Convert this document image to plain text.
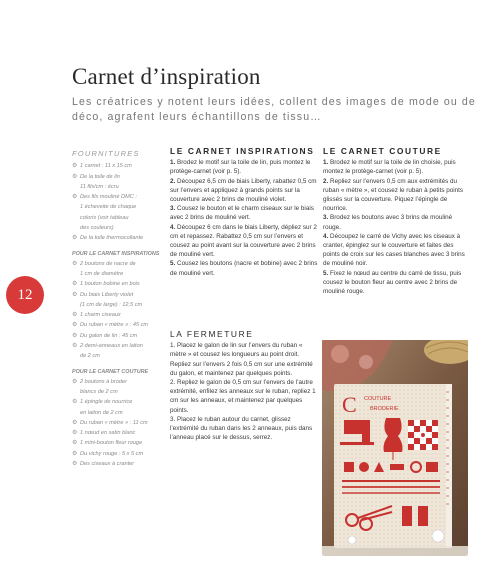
Carnet d’inspiration
Les créatrices y notent leurs idées, collent des images de mode ou de déco, agrafent leurs échantillons de tissu…
12
FOURNITURES
⚙ 1 carnet : 11 x 15 cm
⚙ De la toile de lin
11 fils/cm : écru
⚙ Des fils mouliné DMC :
1 écheveite de chaque
coloris (voir tableau
des couleurs)
⚙ De la toile thermocollante
POUR LE CARNET INSPIRATIONS
⚙ 2 boutons de nacre de
1 cm de diamètre
⚙ 1 bouton bobine en bois
⚙ Du biais Liberty violet
(1 cm de large) : 12,5 cm
⚙ 1 charm ciseaux
⚙ Du ruban « mètre » : 45 cm
⚙ Du galon de lin : 45 cm
⚙ 2 demi-anneaux en laiton
de 2 cm
POUR LE CARNET COUTURE
⚙ 2 boutons à broder
blancs de 2 cm
⚙ 1 épingle de nourrice
en laiton de 2 cm
⚙ Du ruban « mètre » : 11 cm
⚙ 1 nœud en satin blanc
⚙ 1 mini-bouton fleur rouge
⚙ Du vichy rouge : 5 x 5 cm
⚙ Des ciseaux à cranter
LE CARNET INSPIRATIONS
1. Brodez le motif sur la toile de lin, puis montez le protège-carnet (voir p. 5).
2. Découpez 6,5 cm de biais Liberty, rabattez 0,5 cm sur l’envers et appliquez à grands points sur la couverture avec 2 brins de mouliné violet.
3. Cousez le bouton et le charm ciseaux sur le biais avec 2 brins de mouliné vert.
4. Découpez 6 cm dans le biais Liberty, dépliez sur 2 cm et repassez. Rabattez 0,5 cm sur l’envers et cousez au point avant sur la couverture avec 2 brins de mouliné vert.
5. Cousez les boutons (nacre et bobine) avec 2 brins de mouliné vert.
LA FERMETURE
1. Placez le galon de lin sur l’envers du ruban « mètre » et cousez les longueurs au point droit. Repliez sur l’envers 2 fois 0,5 cm sur une extrémité du galon, et maintenez par quelques points.
2. Repliez le galon de 0,5 cm sur l’envers de l’autre extrémité, enfilez les anneaux sur le ruban, repliez 1 cm sur les anneaux, et maintenez par quelques points.
3. Placez le ruban autour du carnet, glissez l’extrémité du ruban dans les 2 anneaux, puis dans l’anneau placé sur le dessus, serrez.
LE CARNET COUTURE
1. Brodez le motif sur la toile de lin choisie, puis montez le protège-carnet (voir p. 5).
2. Repliez sur l’envers 0,5 cm aux extrémités du ruban « mètre », et cousez le ruban à petits points glissés sur la couverture. Piquez l’épingle de nourrice.
3. Brodez les boutons avec 3 brins de mouliné rouge.
4. Découpez le carré de Vichy avec les ciseaux à cranter, épinglez sur le couverture et faites des points de croix sur les cases blanches avec 3 brins de mouliné noir.
5. Fixez le nœud au centre du carré de tissu, puis cousez le bouton fleur au centre avec 2 brins de mouliné rouge.
C COUTURE
BRODERIE
